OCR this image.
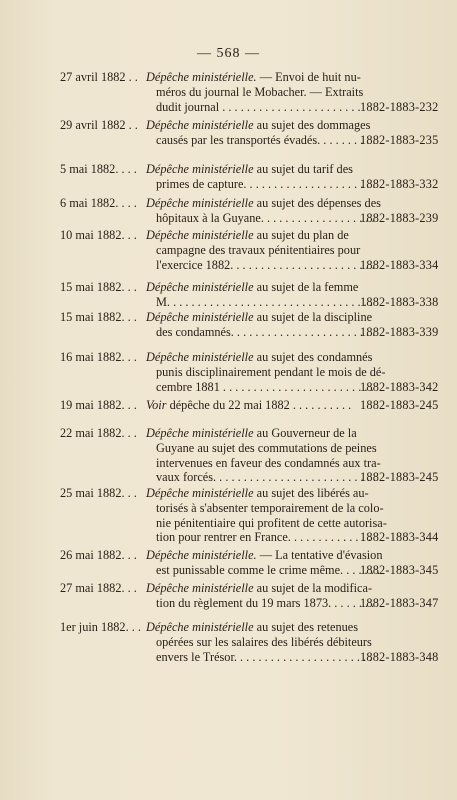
— 568 —
27 avril 1882 . . Dépêche ministérielle. — Envoi de huit nu-
méros du journal le Mobacher. — Extraits
dudit journal . . . . . . . . . . . . . . . . . . . . . . . 1882-1883-232
29 avril 1882 . . Dépêche ministérielle au sujet des dommages
causés par les transportés évadés. . . . . . . . . .
1882-1883-235
5 mai 1882. . . . Dépêche ministérielle au sujet du tarif des
primes de capture. . . . . . . . . . . . . . . . . . . . . .
1882-1883-332
6 mai 1882. . . . Dépêche ministérielle au sujet des dépenses des
hôpitaux à la Guyane. . . . . . . . . . . . . . . . . . .
1882-1883-239
10 mai 1882. . . Dépêche ministérielle au sujet du plan de
campagne des travaux pénitentiaires pour
l'exercice 1882. . . . . . . . . . . . . . . . . . . . . . . .
1882-1883-334
15 mai 1882. . . Dépêche ministérielle au sujet de la femme
M. . . . . . . . . . . . . . . . . . . . . . . . . . . . . . . . . .
1882-1883-338
15 mai 1882. . . Dépêche ministérielle au sujet de la discipline
des condamnés. . . . . . . . . . . . . . . . . . . . . . . .
1882-1883-339
16 mai 1882. . . Dépêche ministérielle au sujet des condamnés
punis disciplinairement pendant le mois de dé-
cembre 1881 . . . . . . . . . . . . . . . . . . . . . . . . .
1882-1883-342
19 mai 1882. . . Voir dépêche du 22 mai 1882 . . . . . . . . . . 1882-1883-245
22 mai 1882. . . Dépêche ministérielle au Gouverneur de la
Guyane au sujet des commutations de peines
intervenues en faveur des condamnés aux tra-
vaux forcés. . . . . . . . . . . . . . . . . . . . . . . . . . .
1882-1883-245
25 mai 1882. . . Dépêche ministérielle au sujet des libérés au-
torisés à s'absenter temporairement de la colo-
nie pénitentiaire qui profitent de cette autorisa-
tion pour rentrer en France. . . . . . . . . . . . . .
1882-1883-344
26 mai 1882. . . Dépêche ministérielle. — La tentative d'évasion
est punissable comme le crime même. . . . . . .
1882-1883-345
27 mai 1882. . . Dépêche ministérielle au sujet de la modifica-
tion du règlement du 19 mars 1873. . . . . . . .
1882-1883-347
1er juin 1882. . . Dépêche ministérielle au sujet des retenues
opérées sur les salaires des libérés débiteurs
envers le Trésor. . . . . . . . . . . . . . . . . . . . . . .
1882-1883-348
